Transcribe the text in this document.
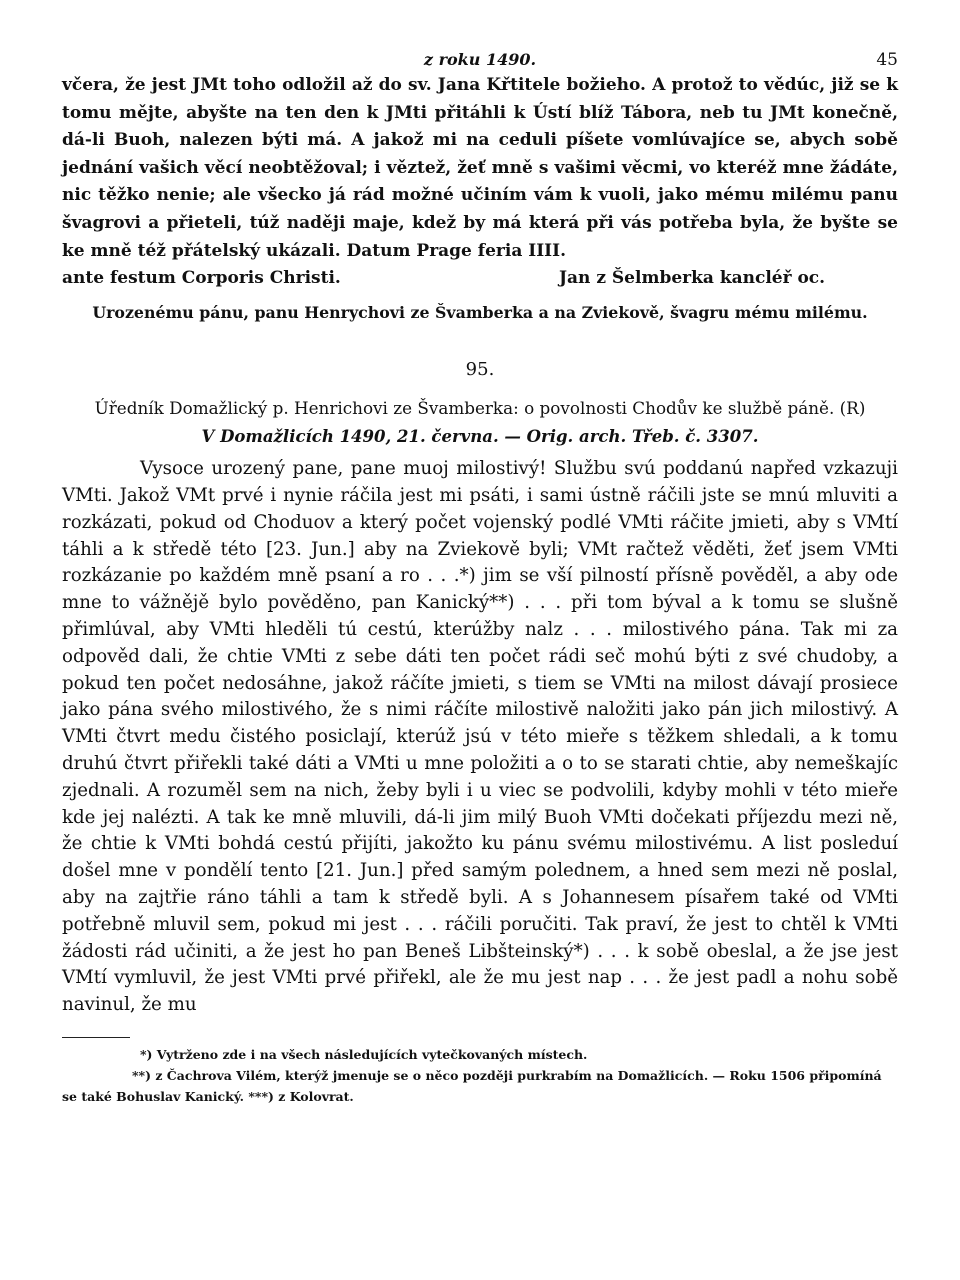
z roku 1490.	45

včera, že jest JMt toho odložil až do sv. Jana Křtitele božieho. A protož to vědúc, již se k tomu mějte, abyšte na ten den k JMti přitáhli k Ústí blíž Tábora, neb tu JMt konečně, dá-li Buoh, nalezen býti má. A jakož mi na ceduli píšete vomlúvajíce se, abych sobě jednání vašich věcí neobtěžoval; i věztež, žeť mně s vašimi věcmi, vo kteréž mne žádáte, nic těžko nenie; ale všecko já rád možné učiním vám k vuoli, jako mému milému panu švagrovi a přieteli, túž naději maje, kdež by má která při vás potřeba byla, že byšte se ke mně též přátelský ukázali. Datum Prage feria IIII.

ante festum Corporis Christi.	Jan z Šelmberka kancléř oc.
Urozenému pánu, panu Henrychovi ze Švamberka a na Zviekově, švagru mému milému.
95.
Úředník Domažlický p. Henrichovi ze Švamberka: o povolnosti Chodův ke službě páně. (R)
V Domažlicích 1490, 21. června. — Orig. arch. Třeb. č. 3307.

Vysoce urozený pane, pane muoj milostivý! Službu svú poddanú napřed vzkazuji VMti. Jakož VMt prvé i nynie ráčila jest mi psáti, i sami ústně ráčili jste se mnú mluviti a rozkázati, pokud od Choduov a který počet vojenský podlé VMti ráčite jmieti, aby s VMtí táhli a k středě této [23. Jun.] aby na Zviekově byli; VMt račtež věděti, žeť jsem VMti rozkázanie po každém mně psaní a ro . . .*) jim se vší pilností přísně pověděl, a aby ode mne to vážnějě bylo pověděno, pan Kanický**) . . . při tom býval a k tomu se slušně přimlúval, aby VMti hleděli tú cestú, kterúžby nalz . . . milostivého pána. Tak mi za odpověd dali, že chtie VMti z sebe dáti ten počet rádi seč mohú býti z své chudoby, a pokud ten počet nedosáhne, jakož ráčíte jmieti, s tiem se VMti na milost dávají prosiece jako pána svého milostivého, že s nimi ráčíte milostivě naložiti jako pán jich milostivý. A VMti čtvrt medu čistého posiclají, kterúž jsú v této mieře s těžkem shledali, a k tomu druhú čtvrt přiřekli také dáti a VMti u mne položiti a o to se starati chtie, aby nemeškajíc zjednali. A rozuměl sem na nich, žeby byli i u viec se podvolili, kdyby mohli v této mieře kde jej nalézti. A tak ke mně mluvili, dá-li jim milý Buoh VMti dočekati příjezdu mezi ně, že chtie k VMti bohdá cestú přijíti, jakožto ku pánu svému milostivému. A list posleduí došel mne v pondělí tento [21. Jun.] před samým polednem, a hned sem mezi ně poslal, aby na zajtřie ráno táhli a tam k středě byli. A s Johannesem písařem také od VMti potřebně mluvil sem, pokud mi jest . . . ráčili poručiti. Tak praví, že jest to chtěl k VMti žádosti rád učiniti, a že jest ho pan Beneš Libšteinský*) . . . k sobě obeslal, a že jse jest VMtí vymluvil, že jest VMti prvé přiřekl, ale že mu jest nap . . . že jest padl a nohu sobě navinul, že mu

*) Vytrženo zde i na všech následujících vytečkovaných místech.

**) z Čachrova Vilém, kterýž jmenuje se o něco později purkrabím na Domažlicích. — Roku 1506 připomíná se také Bohuslav Kanický. ***) z Kolovrat.
